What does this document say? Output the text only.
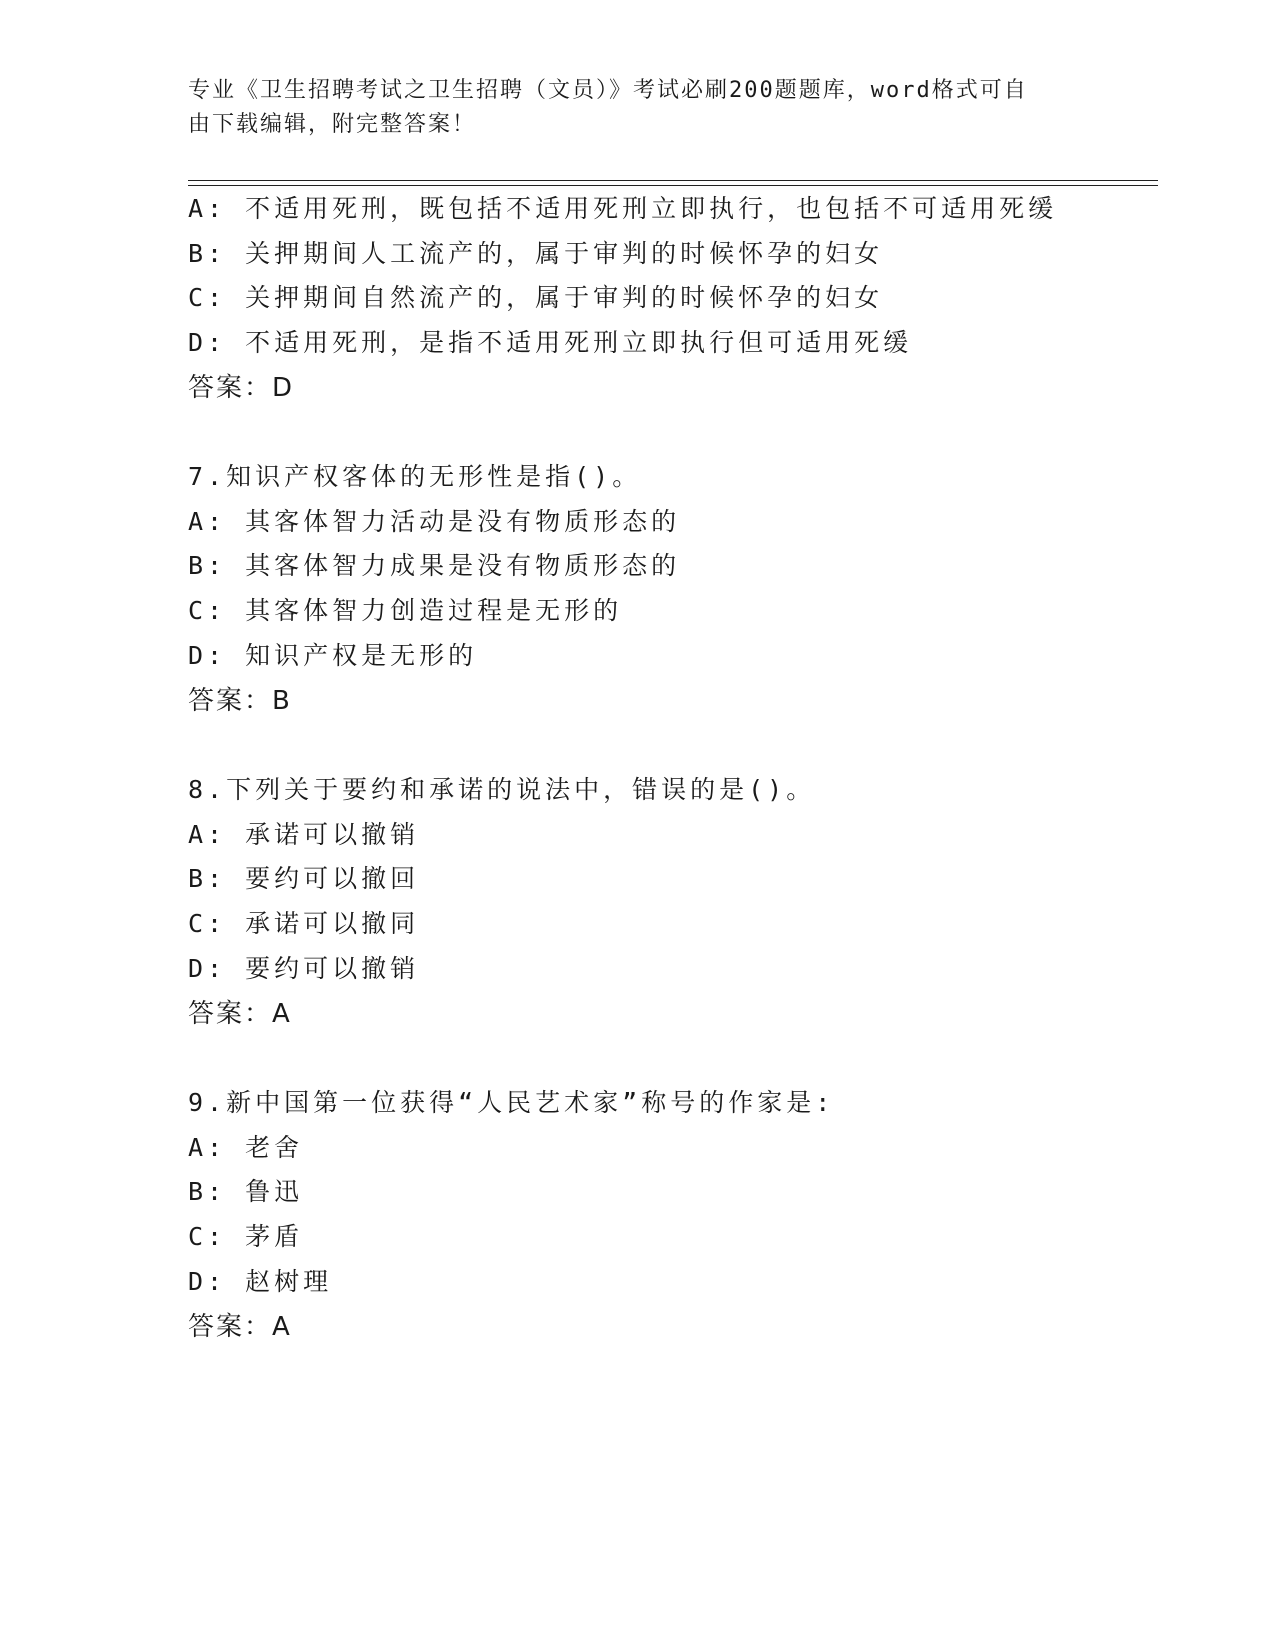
专业《卫生招聘考试之卫生招聘（文员）》考试必刷200题题库，word格式可自
由下载编辑，附完整答案！
A: 不适用死刑，既包括不适用死刑立即执行，也包括不可适用死缓
B: 关押期间人工流产的，属于审判的时候怀孕的妇女
C: 关押期间自然流产的，属于审判的时候怀孕的妇女
D: 不适用死刑，是指不适用死刑立即执行但可适用死缓
答案：D
7.知识产权客体的无形性是指()。
A: 其客体智力活动是没有物质形态的
B: 其客体智力成果是没有物质形态的
C: 其客体智力创造过程是无形的
D: 知识产权是无形的
答案：B
8.下列关于要约和承诺的说法中，错误的是()。
A: 承诺可以撤销
B: 要约可以撤回
C: 承诺可以撤同
D: 要约可以撤销
答案：A
9.新中国第一位获得“人民艺术家”称号的作家是:
A: 老舍
B: 鲁迅
C: 茅盾
D: 赵树理
答案：A
